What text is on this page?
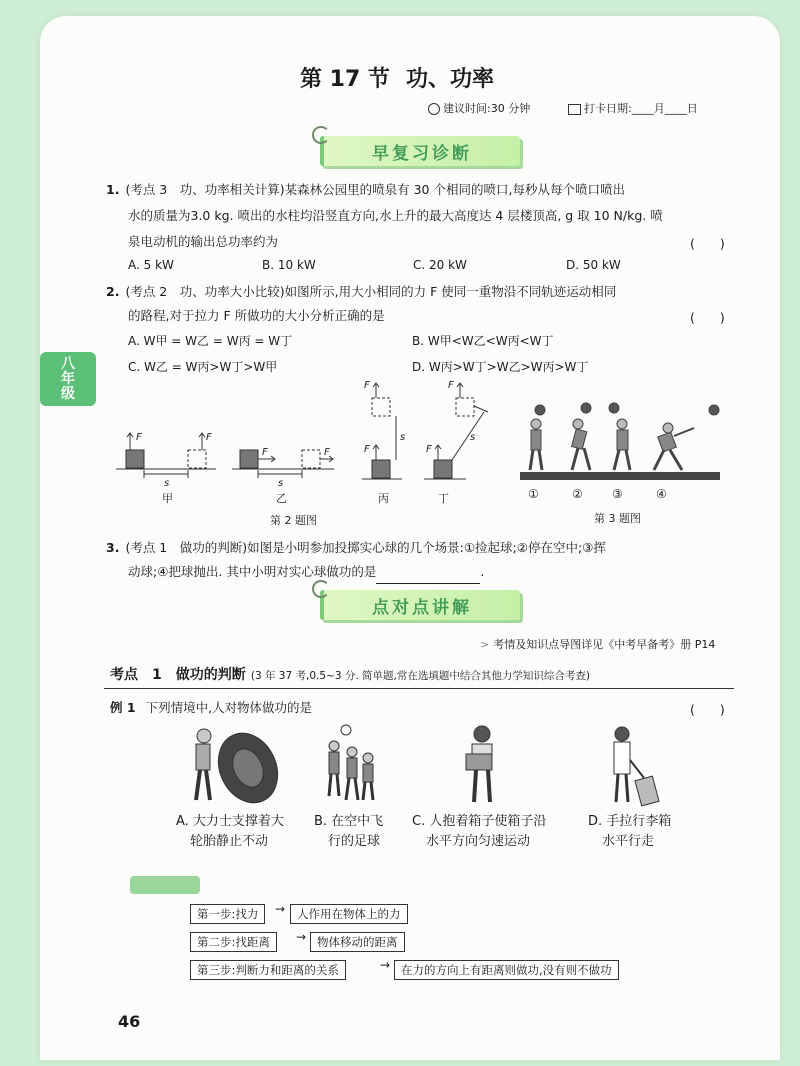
八
年
级
第 17 节 功、功率
建议时间:30 分钟	打卡日期:____月____日
早复习诊断
1. (考点 3　功、功率相关计算)某森林公园里的喷泉有 30 个相同的喷口,每秒从每个喷口喷出
水的质量为3.0 kg. 喷出的水柱均沿竖直方向,水上升的最大高度达 4 层楼顶高, g 取 10 N/kg. 喷
泉电动机的输出总功率约为	(　　)
A. 5 kW	B. 10 kW	C. 20 kW	D. 50 kW
2. (考点 2　功、功率大小比较)如图所示,用大小相同的力 F 使同一重物沿不同轨迹运动相同
的路程,对于拉力 F 所做功的大小分析正确的是	(　　)
A. W甲 = W乙 = W丙 = W丁	B. W甲<W乙<W丙<W丁
C. W乙 = W丙>W丁>W甲	D. W丙>W丁>W乙>W丙>W丁
F	F
F	F
F
F
F
F
s	s
s	s
甲	乙	丙	丁
第 2 题图
①	② ③	④
第 3 题图
3. (考点 1　做功的判断)如图是小明参加投掷实心球的几个场景:①捡起球;②停在空中;③挥
动球;④把球抛出. 其中小明对实心球做功的是	.
点对点讲解
> 考情及知识点导图详见《中考早备考》册 P14
考点　1　做功的判断 (3 年 37 考,0.5~3 分. 简单题,常在选填题中结合其他力学知识综合考查)
例 1 下列情境中,人对物体做功的是	(　　)
A. 大力士支撑着大
轮胎静止不动
B. 在空中飞
行的足球
C. 人抱着箱子使箱子沿
水平方向匀速运动
D. 手拉行李箱
水平行走
第一步:找力	→	人作用在物体上的力
第二步:找距离	→ 物体移动的距离
第三步:判断力和距离的关系	→ 在力的方向上有距离则做功,没有则不做功
46
